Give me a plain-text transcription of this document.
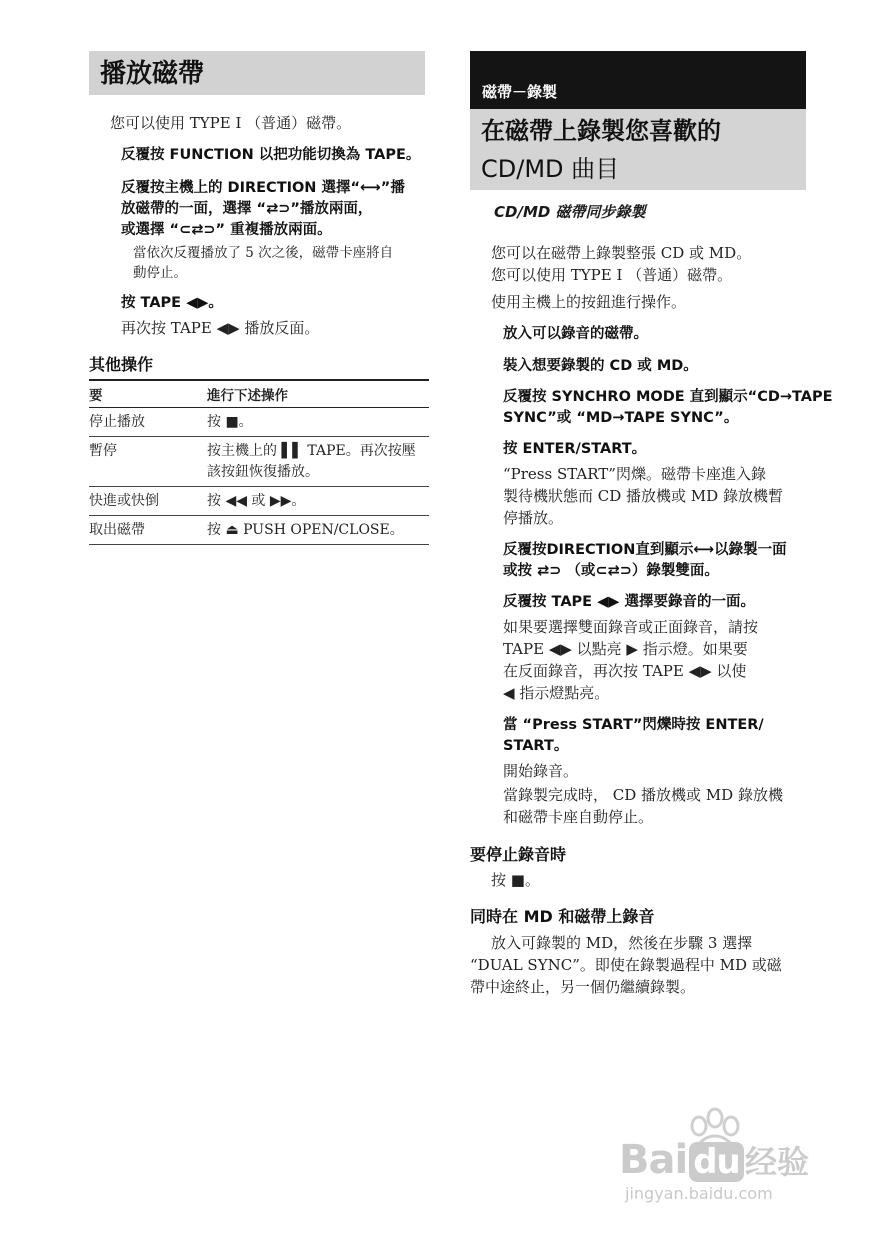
播放磁帶
您可以使用 TYPE I （普通）磁帶。
反覆按 FUNCTION 以把功能切換為 TAPE。
反覆按主機上的 DIRECTION 選擇“⟷”播
放磁帶的一面，選擇 “⇄⊃”播放兩面，
或選擇 “⊂⇄⊃” 重複播放兩面。
當依次反覆播放了 5 次之後，磁帶卡座將自
動停止。
按 TAPE ◀▶。
再次按 TAPE ◀▶ 播放反面。
其他操作
要	進行下述操作
停止播放	按 ■。
暫停	按主機上的 ▌▌ TAPE。再次按壓
該按鈕恢復播放。
快進或快倒	按 ◀◀ 或 ▶▶。
取出磁帶	按 ⏏ PUSH OPEN/CLOSE。
磁帶－錄製
在磁帶上錄製您喜歡的
CD/MD 曲目
CD/MD 磁帶同步錄製
您可以在磁帶上錄製整張 CD 或 MD。
您可以使用 TYPE I （普通）磁帶。
使用主機上的按鈕進行操作。
放入可以錄音的磁帶。
裝入想要錄製的 CD 或 MD。
反覆按 SYNCHRO MODE 直到顯示“CD→TAPE
SYNC”或 “MD→TAPE SYNC”。
按 ENTER/START。
“Press START”閃爍。磁帶卡座進入錄
製待機狀態而 CD 播放機或 MD 錄放機暫
停播放。
反覆按DIRECTION直到顯示⟷以錄製一面
或按 ⇄⊃ （或⊂⇄⊃）錄製雙面。
反覆按 TAPE ◀▶ 選擇要錄音的一面。
如果要選擇雙面錄音或正面錄音，請按
TAPE ◀▶ 以點亮 ▶ 指示燈。如果要
在反面錄音，再次按 TAPE ◀▶ 以使
◀ 指示燈點亮。
當 “Press START”閃爍時按 ENTER/
START。
開始錄音。
當錄製完成時， CD 播放機或 MD 錄放機
和磁帶卡座自動停止。
要停止錄音時
按 ■。
同時在 MD 和磁帶上錄音
放入可錄製的 MD，然後在步驟 3 選擇
“DUAL SYNC”。即使在錄製過程中 MD 或磁
帶中途終止，另一個仍繼續錄製。
Bai du 经验
jingyan.baidu.com
